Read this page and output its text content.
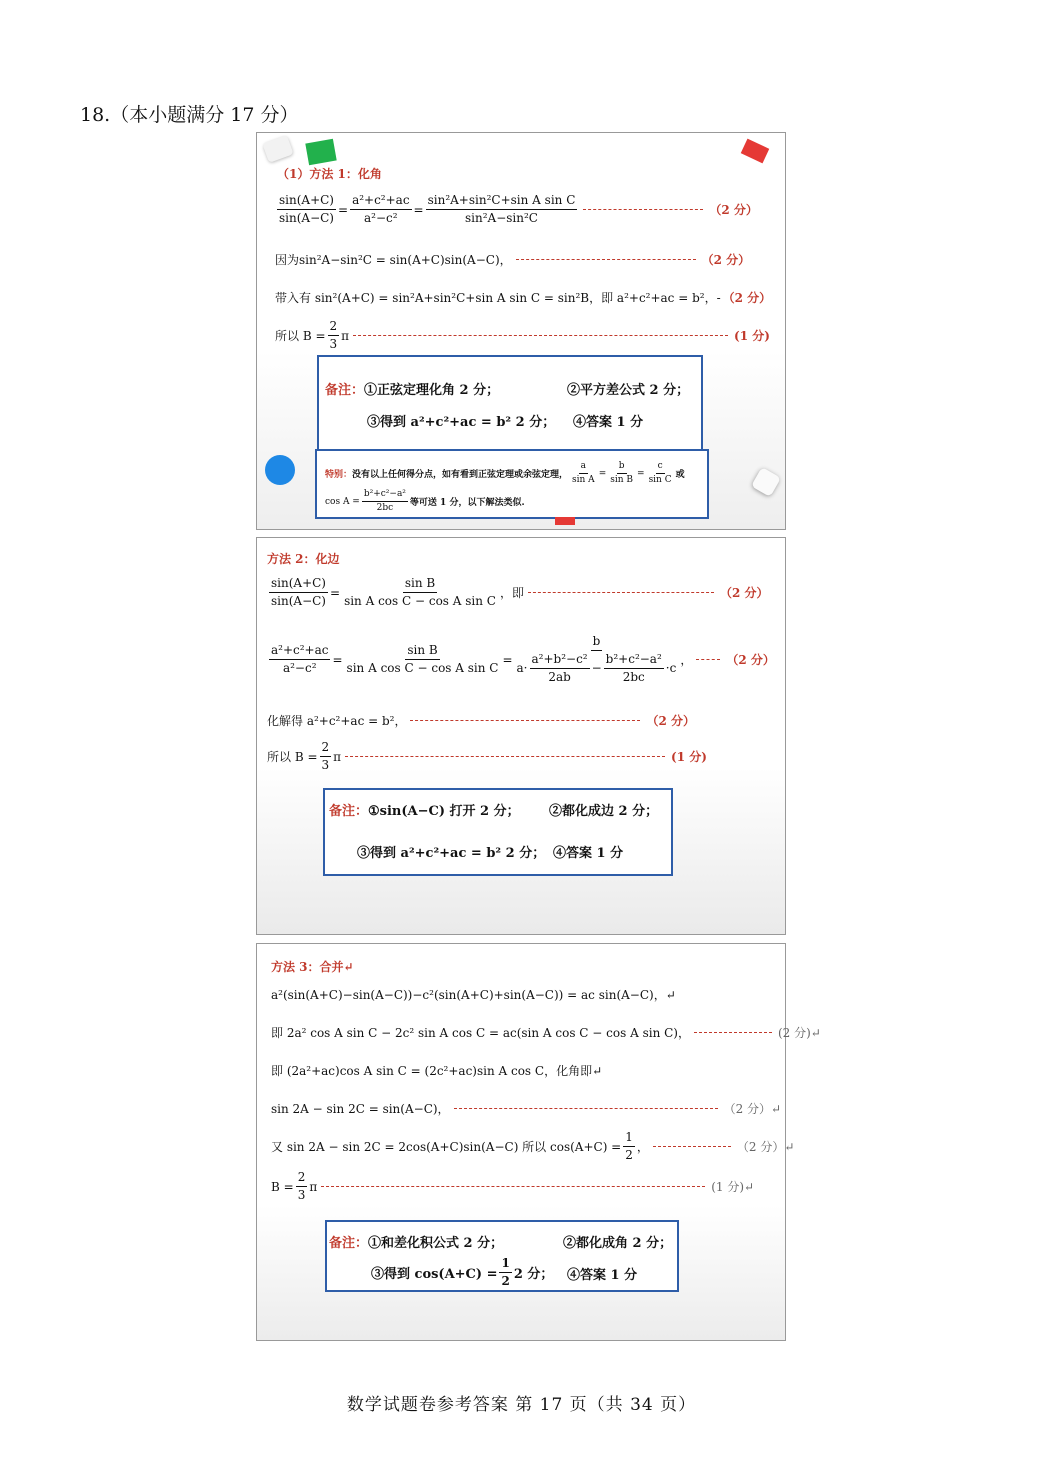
18.（本小题满分 17 分）
（1）方法 1：化角
$\frac{\sin(A+C)}{\sin(A-C)} = \frac{\text{a²+c²+ac}}{\text{a²−c²}} = \frac{\text{sin²A+sin²C+sin A sin C}}{\text{sin²A−sin²C}}$	（2 分）
因为sin²A−sin²C = sin(A+C)sin(A−C)，	（2 分）
带入有 sin²(A+C) = sin²A+sin²C+sin A sin C = sin²B，即 a²+c²+ac = b²，- （2 分）
所以 $B = \frac{2}{3}$ π	(1 分)
备注： ①正弦定理化角 2 分；	②平方差公式 2 分；
③得到 a²+c²+ac = b² 2 分； ④答案 1 分
特别： 没有以上任何得分点，如有看到正弦定理或余弦定理， $\frac{a}{\text{sin A}} = \frac{b}{\text{sin B}} = \frac{c}{\text{sin C}}$ 或
$\cos A = \frac{\text{b²+c²−a²}}{2bc}$ 等可送 1 分，以下解法类似.
方法 2：化边
$\frac{\sin(A+C)}{\sin(A-C)} = \frac{\text{sin B}}{\text{sin A cos C − cos A sin C}}$ ，即	（2 分）
$\frac{\text{a²+c²+ac}}{\text{a²−c²}} = \frac{\text{sin B}}{\text{sin A cos C − cos A sin C}}$ =
b
$a\cdot \frac{\text{a²+b²−c²}}{2ab} - \frac{\text{b²+c²−a²}}{2bc} \cdot c$
，	（2 分）
化解得 a²+c²+ac = b²，	（2 分）
所以 $B = \frac{2}{3}$ π	(1 分)
备注： ①sin(A−C) 打开 2 分； ②都化成边 2 分；
③得到 a²+c²+ac = b² 2 分； ④答案 1 分
方法 3：合并↵
a²(sin(A+C)−sin(A−C))−c²(sin(A+C)+sin(A−C)) = ac sin(A−C)，↵
即 2a² cos A sin C − 2c² sin A cos C = ac(sin A cos C − cos A sin C)，	(2 分)↵
即 (2a²+ac)cos A sin C = (2c²+ac)sin A cos C，化角即↵
sin 2A − sin 2C = sin(A−C)，	（2 分）↵
又 sin 2A − sin 2C = 2cos(A+C)sin(A−C) 所以 $\cos(A+C) = \frac{1}{2}$ ，	（2 分）↵
$B = \frac{2}{3}$ π	(1 分)↵
备注： ①和差化积公式 2 分；	②都化成角 2 分；
③得到 $\cos(A+C) = \frac{1}{2} 2$ 分； ④答案 1 分
数学试题卷参考答案 第 17 页（共 34 页）
